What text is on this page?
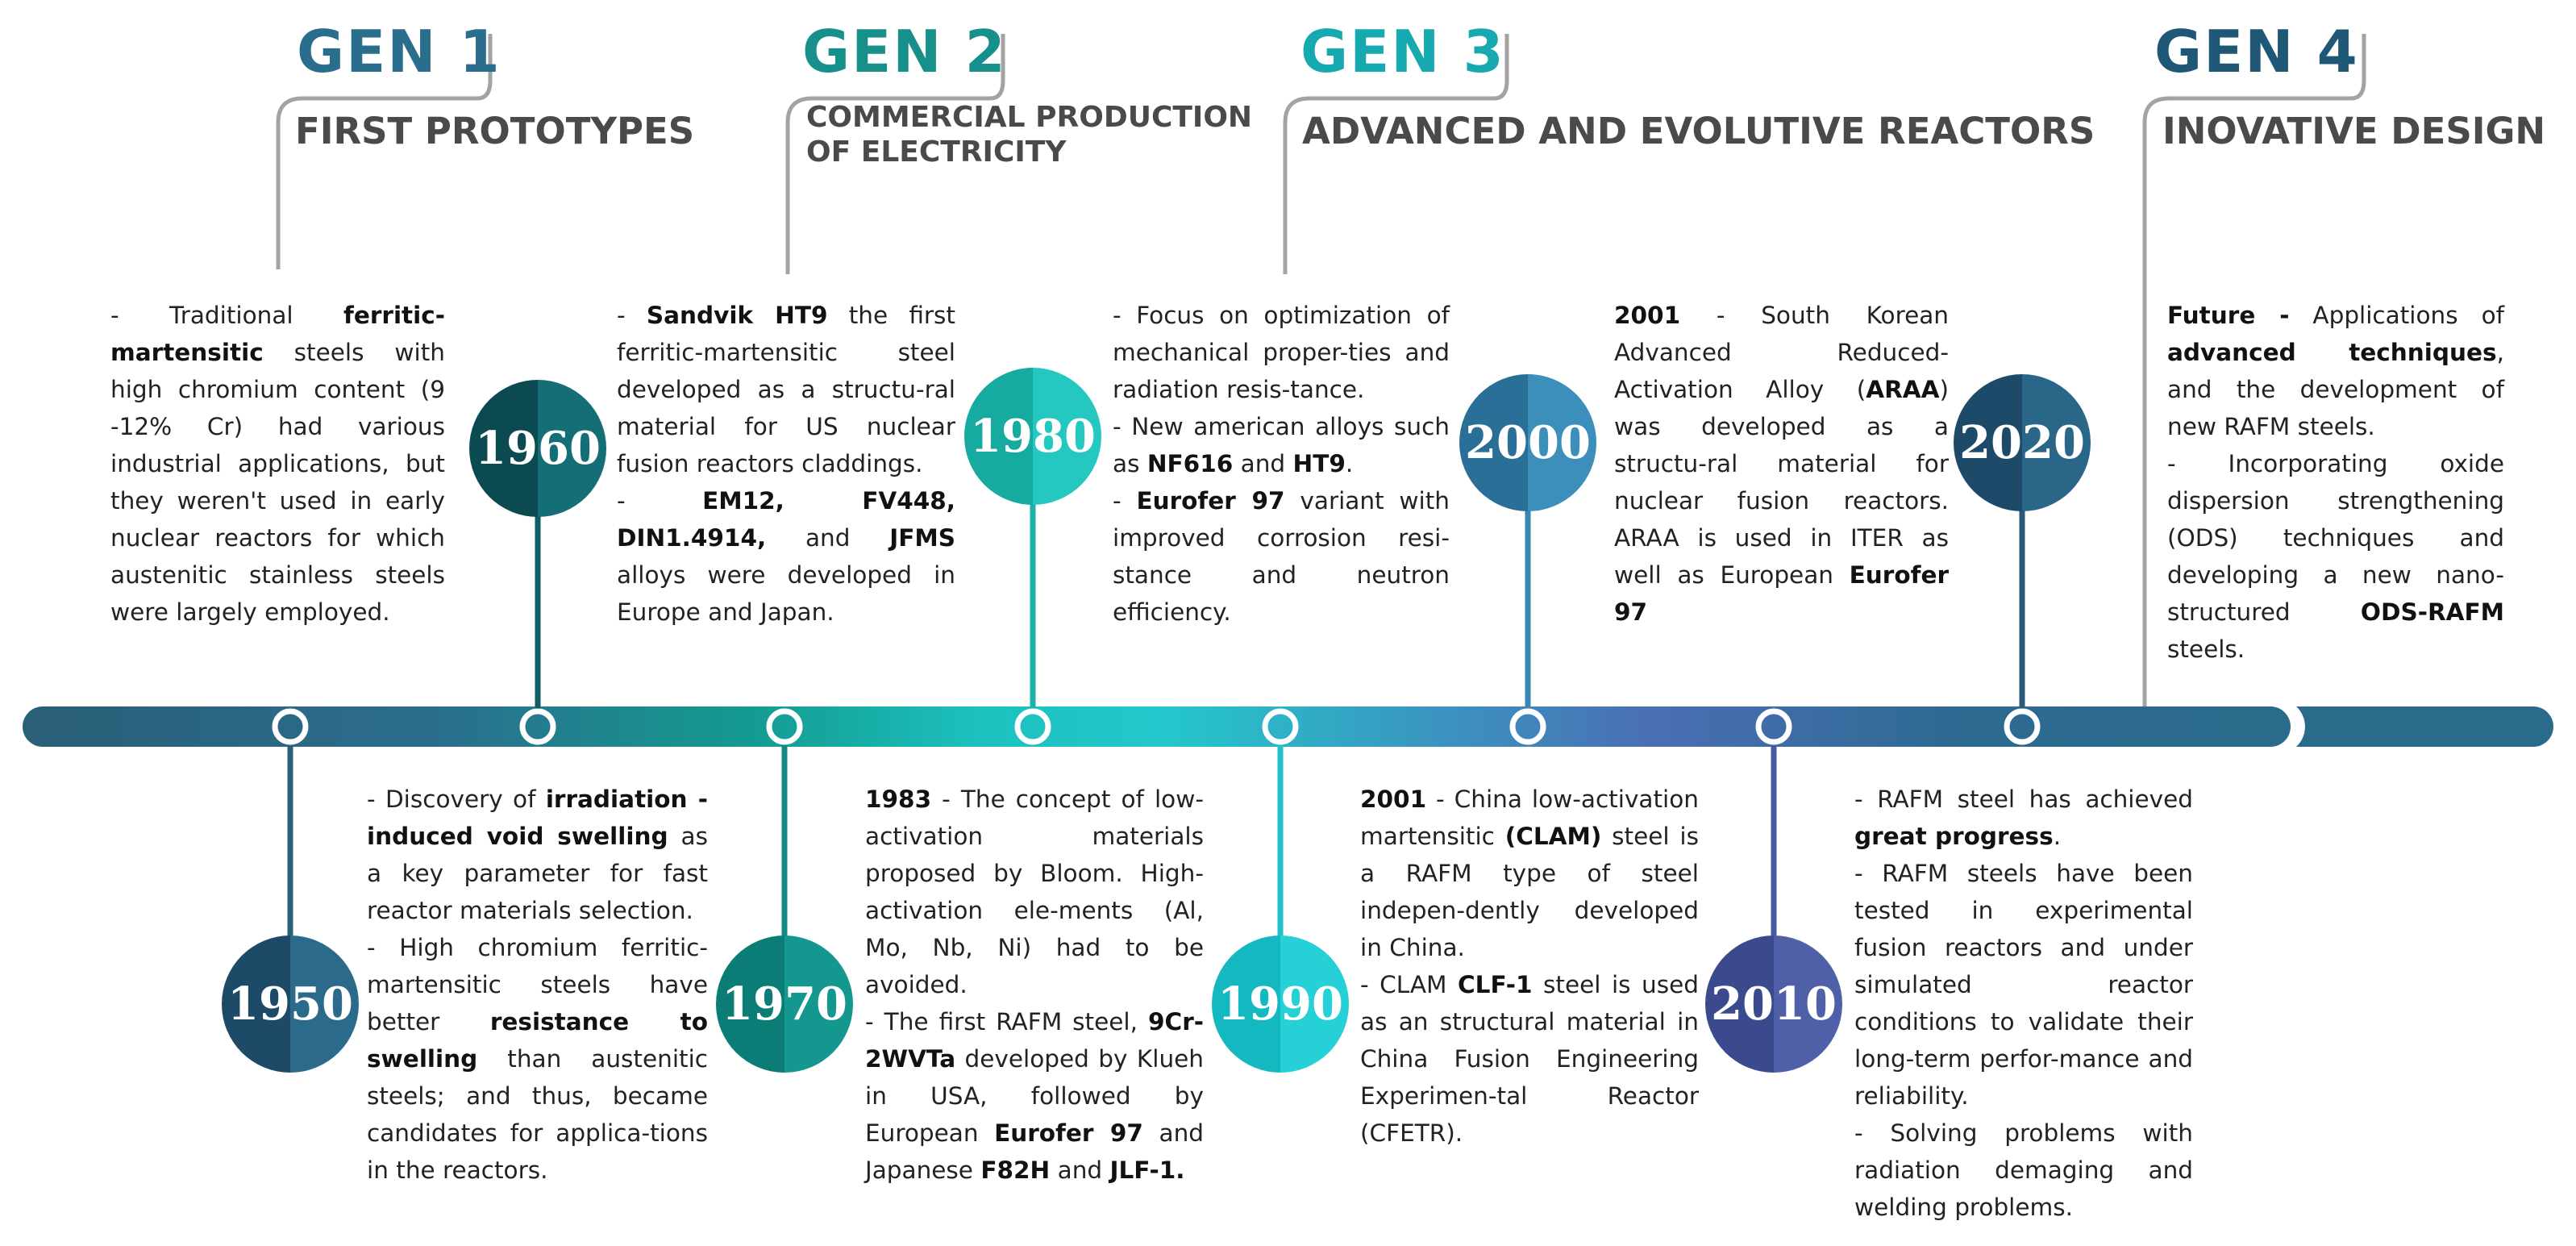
GEN 1
FIRST PROTOTYPES
GEN 2
COMMERCIAL PRODUCTION
OF ELECTRICITY
GEN 3
ADVANCED AND EVOLUTIVE REACTORS
GEN 4
INOVATIVE DESIGN
1960	1980	2000	2020
1950	1970	1990	2010

- Traditional ferritic-martensitic steels with high chromium content (9 -12% Cr) had various industrial applications, but they weren't used in early nuclear reactors for which austenitic stainless steels were largely employed.

- Sandvik HT9 the first ferritic-martensitic steel developed as a structu-ral material for US nuclear fusion reactors claddings.

- EM12, FV448, DIN1.4914, and JFMS alloys were developed in Europe and Japan.

- Focus on optimization of mechanical proper-ties and radiation resis-tance.

- New american alloys such as NF616 and HT9.

- Eurofer 97 variant with improved corrosion resi-stance and neutron efficiency.

2001 - South Korean Advanced Reduced-Activation Alloy (ARAA) was developed as a structu-ral material for nuclear fusion reactors. ARAA is used in ITER as well as European Eurofer 97

Future - Applications of advanced techniques, and the development of new RAFM steels.

- Incorporating oxide dispersion strengthening (ODS) techniques and developing a new nano-structured ODS-RAFM steels.

- Discovery of irradiation -induced void swelling as a key parameter for fast reactor materials selection.

- High chromium ferritic-martensitic steels have better resistance to swelling than austenitic steels; and thus, became candidates for applica-tions in the reactors.

1983 - The concept of low-activation materials proposed by Bloom. High-activation ele-ments (Al, Mo, Nb, Ni) had to be avoided.

- The first RAFM steel, 9Cr-2WVTa developed by Klueh in USA, followed by European Eurofer 97 and Japanese F82H and JLF-1.

2001 - China low-activation martensitic (CLAM) steel is a RAFM type of steel indepen-dently developed in China.

- CLAM CLF-1 steel is used as an structural material in China Fusion Engineering Experimen-tal Reactor (CFETR).

- RAFM steel has achieved great progress.

- RAFM steels have been tested in experimental fusion reactors and under simulated reactor conditions to validate their long-term perfor-mance and reliability.

- Solving problems with radiation demaging and welding problems.
